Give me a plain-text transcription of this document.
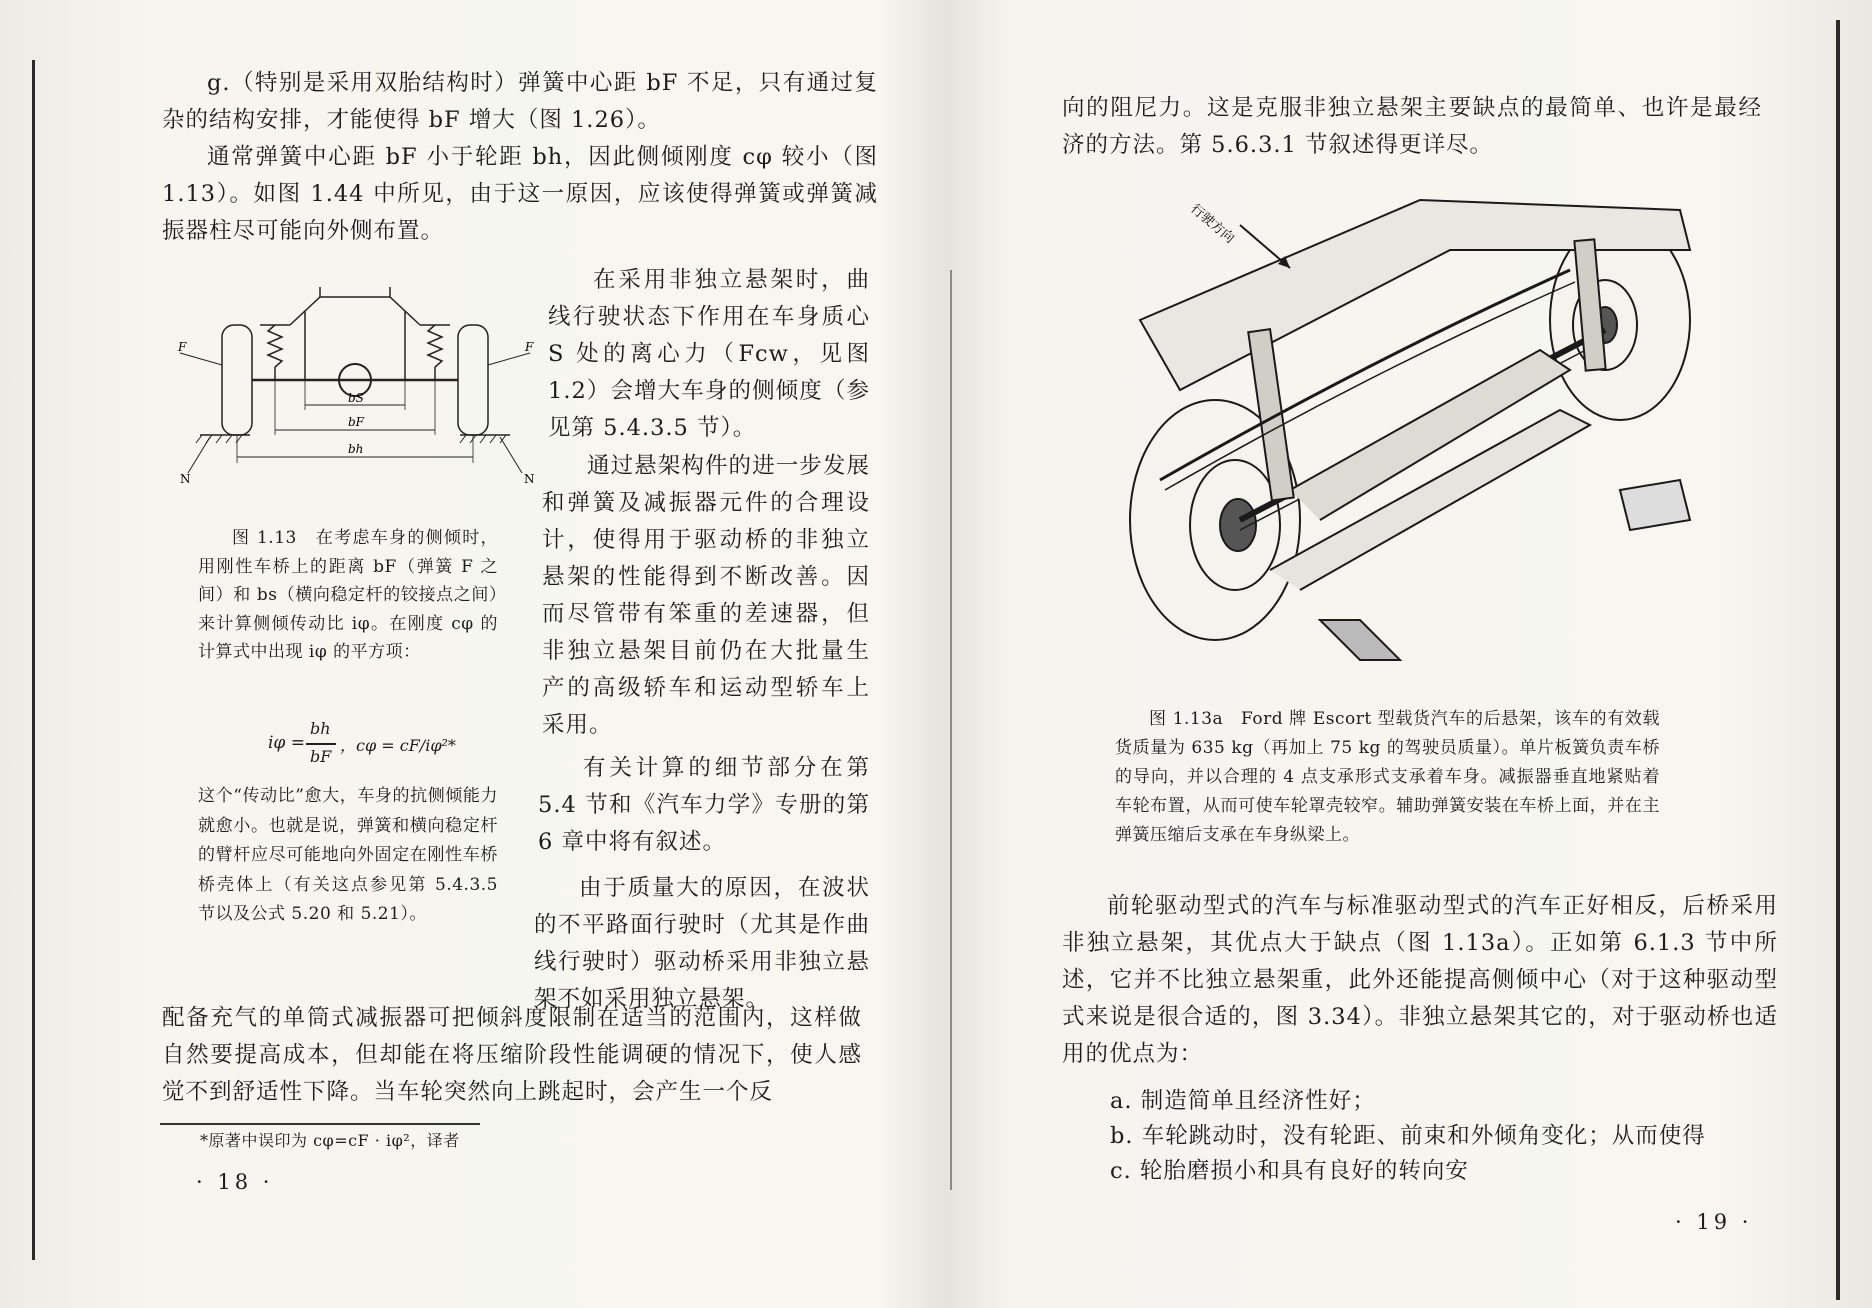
g.（特别是采用双胎结构时）弹簧中心距 bF 不足，只有通过复杂的结构安排，才能使得 bF 增大（图 1.26）。

通常弹簧中心距 bF 小于轮距 bh，因此侧倾刚度 cφ 较小（图 1.13）。如图 1.44 中所见，由于这一原因，应该使得弹簧或弹簧减振器柱尽可能向外侧布置。

F	F
N	N
bS
bF
bh

在采用非独立悬架时，曲线行驶状态下作用在车身质心 S 处的离心力（Fcw，见图 1.2）会增大车身的侧倾度（参见第 5.4.3.5 节）。

通过悬架构件的进一步发展和弹簧及减振器元件的合理设计，使得用于驱动桥的非独立悬架的性能得到不断改善。因而尽管带有笨重的差速器，但非独立悬架目前仍在大批量生产的高级轿车和运动型轿车上采用。

有关计算的细节部分在第 5.4 节和《汽车力学》专册的第 6 章中将有叙述。

由于质量大的原因，在波状的不平路面行驶时（尤其是作曲线行驶时）驱动桥采用非独立悬架不如采用独立悬架。

图 1.13　在考虑车身的侧倾时，用刚性车桥上的距离 bF（弹簧 F 之间）和 bs（横向稳定杆的铰接点之间）来计算侧倾传动比 iφ。在刚度 cφ 的计算式中出现 iφ 的平方项：

iφ =
bh
bF
，cφ = cF/iφ²*

这个“传动比”愈大，车身的抗侧倾能力就愈小。也就是说，弹簧和横向稳定杆的臂杆应尽可能地向外固定在刚性车桥桥壳体上（有关这点参见第 5.4.3.5 节以及公式 5.20 和 5.21）。

配备充气的单筒式减振器可把倾斜度限制在适当的范围内，这样做自然要提高成本，但却能在将压缩阶段性能调硬的情况下，使人感觉不到舒适性下降。当车轮突然向上跳起时，会产生一个反

*原著中误印为 cφ=cF · iφ²，译者
· 18 ·

向的阻尼力。这是克服非独立悬架主要缺点的最简单、也许是最经济的方法。第 5.6.3.1 节叙述得更详尽。

行驶方向

图 1.13a　Ford 牌 Escort 型载货汽车的后悬架，该车的有效载货质量为 635 kg（再加上 75 kg 的驾驶员质量）。单片板簧负责车桥的导向，并以合理的 4 点支承形式支承着车身。减振器垂直地紧贴着车轮布置，从而可使车轮罩壳较窄。辅助弹簧安装在车桥上面，并在主弹簧压缩后支承在车身纵梁上。

前轮驱动型式的汽车与标准驱动型式的汽车正好相反，后桥采用非独立悬架，其优点大于缺点（图 1.13a）。正如第 6.1.3 节中所述，它并不比独立悬架重，此外还能提高侧倾中心（对于这种驱动型式来说是很合适的，图 3.34）。非独立悬架其它的，对于驱动桥也适用的优点为：

a. 制造简单且经济性好；
b. 车轮跳动时，没有轮距、前束和外倾角变化；从而使得
c. 轮胎磨损小和具有良好的转向安
· 19 ·
